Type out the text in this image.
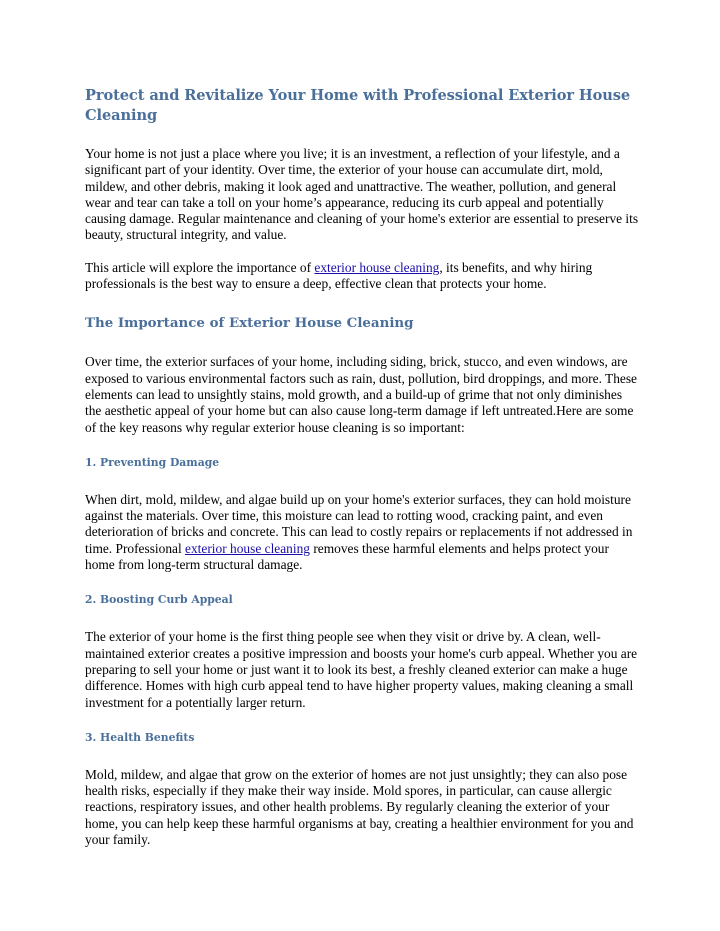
Protect and Revitalize Your Home with Professional Exterior House Cleaning

Your home is not just a place where you live; it is an investment, a reflection of your lifestyle, and a significant part of your identity. Over time, the exterior of your house can accumulate dirt, mold, mildew, and other debris, making it look aged and unattractive. The weather, pollution, and general wear and tear can take a toll on your home’s appearance, reducing its curb appeal and potentially causing damage. Regular maintenance and cleaning of your home's exterior are essential to preserve its beauty, structural integrity, and value.

This article will explore the importance of exterior house cleaning, its benefits, and why hiring professionals is the best way to ensure a deep, effective clean that protects your home.

The Importance of Exterior House Cleaning

Over time, the exterior surfaces of your home, including siding, brick, stucco, and even windows, are exposed to various environmental factors such as rain, dust, pollution, bird droppings, and more. These elements can lead to unsightly stains, mold growth, and a build-up of grime that not only diminishes the aesthetic appeal of your home but can also cause long-term damage if left untreated.Here are some of the key reasons why regular exterior house cleaning is so important:

1. Preventing Damage

When dirt, mold, mildew, and algae build up on your home's exterior surfaces, they can hold moisture against the materials. Over time, this moisture can lead to rotting wood, cracking paint, and even deterioration of bricks and concrete. This can lead to costly repairs or replacements if not addressed in time. Professional exterior house cleaning removes these harmful elements and helps protect your home from long-term structural damage.

2. Boosting Curb Appeal

The exterior of your home is the first thing people see when they visit or drive by. A clean, well-maintained exterior creates a positive impression and boosts your home's curb appeal. Whether you are preparing to sell your home or just want it to look its best, a freshly cleaned exterior can make a huge difference. Homes with high curb appeal tend to have higher property values, making cleaning a small investment for a potentially larger return.

3. Health Benefits

Mold, mildew, and algae that grow on the exterior of homes are not just unsightly; they can also pose health risks, especially if they make their way inside. Mold spores, in particular, can cause allergic reactions, respiratory issues, and other health problems. By regularly cleaning the exterior of your home, you can help keep these harmful organisms at bay, creating a healthier environment for you and your family.
